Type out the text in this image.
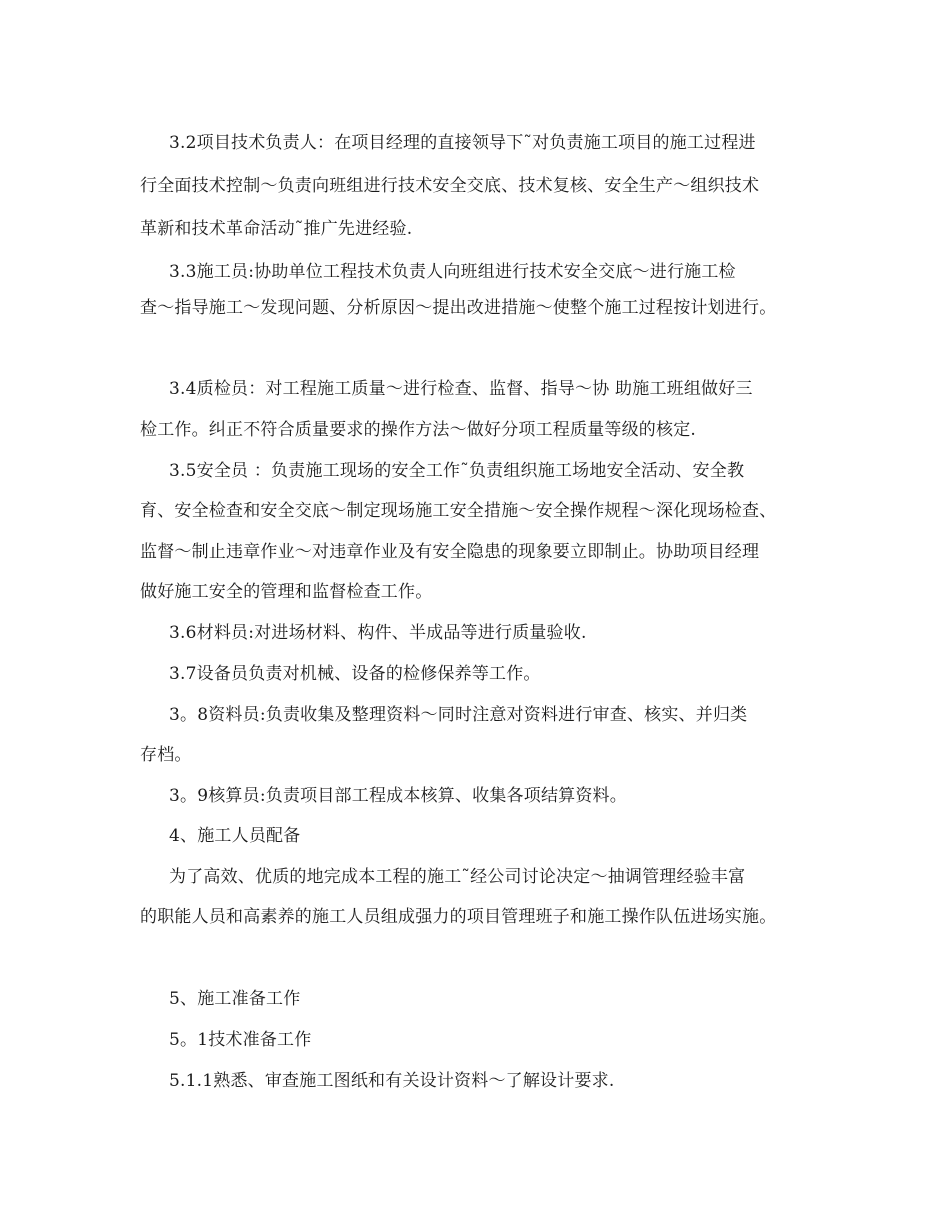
3.2项目技术负责人：在项目经理的直接领导下˜对负责施工项目的施工过程进
行全面技术控制～负责向班组进行技术安全交底、技术复核、安全生产～组织技术
革新和技术革命活动˜推广先进经验.
3.3施工员:协助单位工程技术负责人向班组进行技术安全交底～进行施工检
查～指导施工～发现问题、分析原因～提出改进措施～使整个施工过程按计划进行。
3.4质检员：对工程施工质量～进行检查、监督、指导～协 助施工班组做好三
检工作。纠正不符合质量要求的操作方法～做好分项工程质量等级的核定.
3.5安全员 ：负责施工现场的安全工作˜负责组织施工场地安全活动、安全教
育、安全检查和安全交底～制定现场施工安全措施～安全操作规程～深化现场检查、
监督～制止违章作业～对违章作业及有安全隐患的现象要立即制止。协助项目经理
做好施工安全的管理和监督检查工作。
3.6材料员:对进场材料、构件、半成品等进行质量验收.
3.7设备员负责对机械、设备的检修保养等工作。
3。8资料员:负责收集及整理资料～同时注意对资料进行审查、核实、并归类
存档。
3。9核算员:负责项目部工程成本核算、收集各项结算资料。
4、施工人员配备
为了高效、优质的地完成本工程的施工˜经公司讨论决定～抽调管理经验丰富
的职能人员和高素养的施工人员组成强力的项目管理班子和施工操作队伍进场实施。
5、施工准备工作
5。1技术准备工作
5.1.1熟悉、审查施工图纸和有关设计资料～了解设计要求.
